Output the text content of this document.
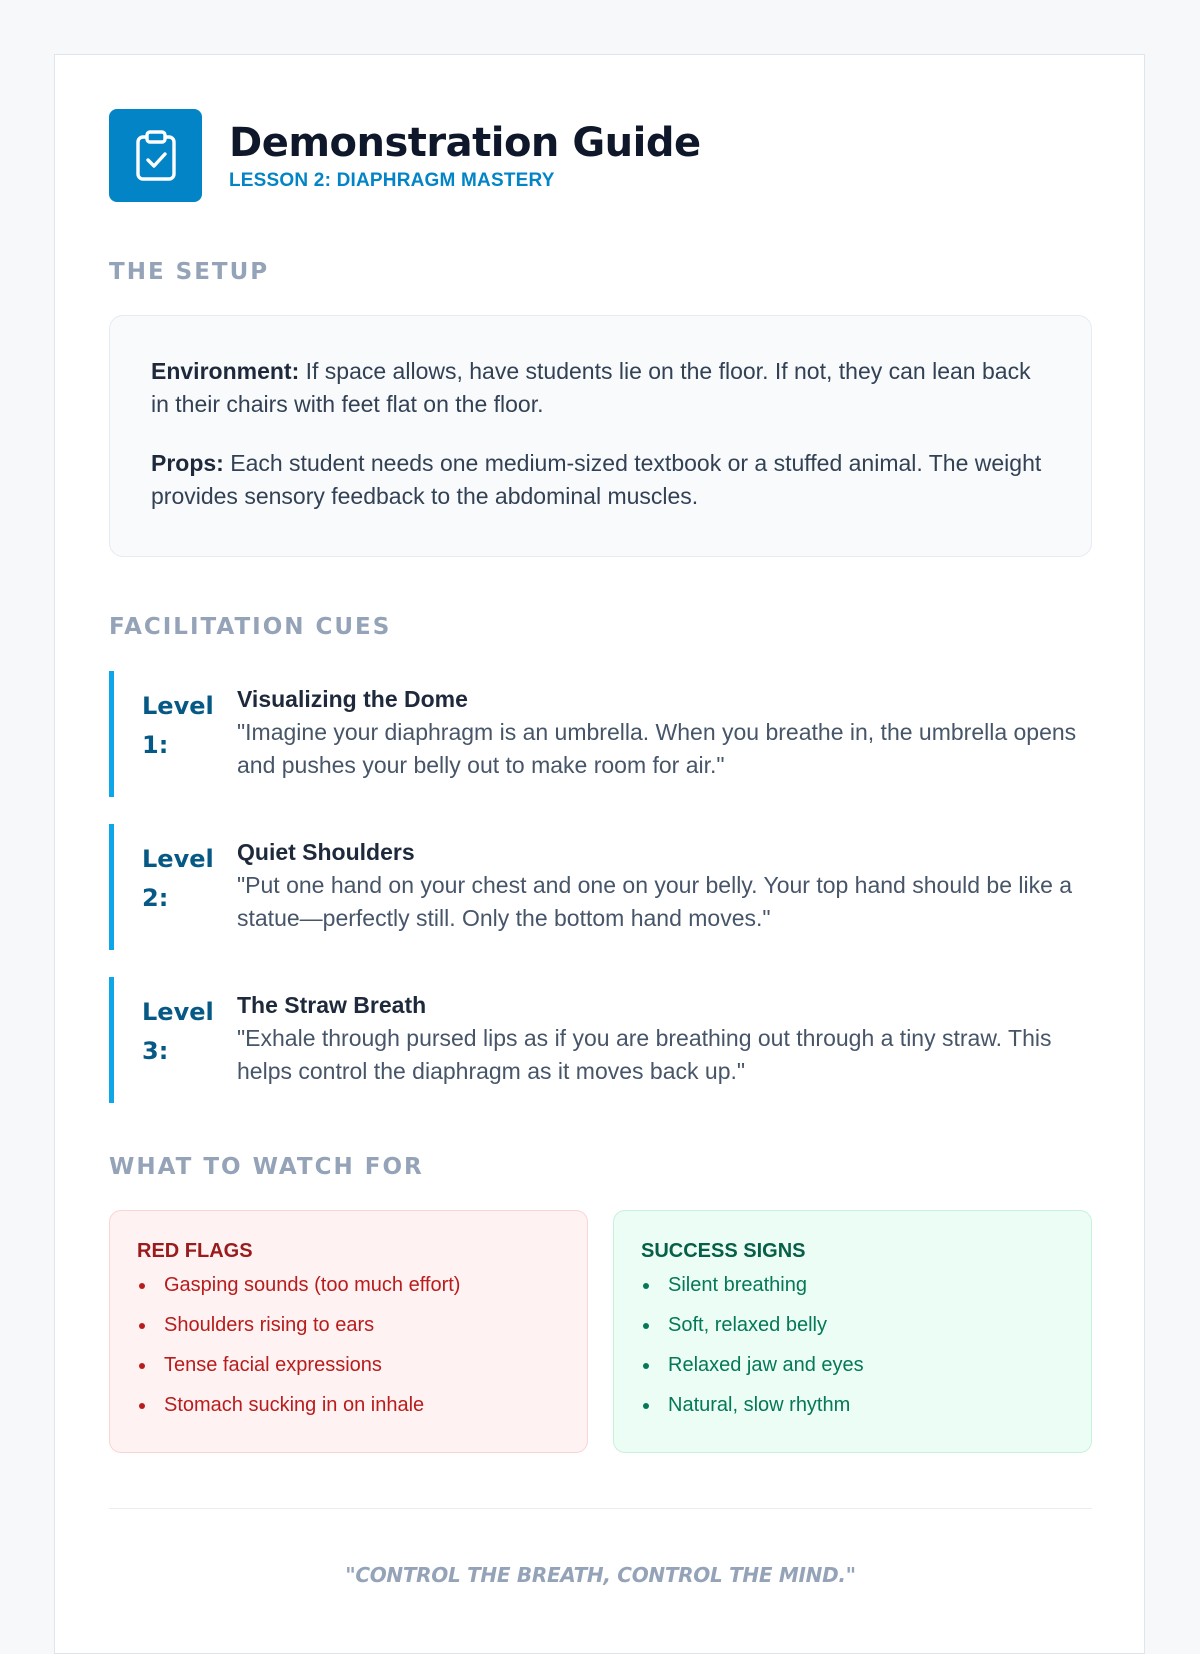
Demonstration Guide
LESSON 2: DIAPHRAGM MASTERY
THE SETUP

Environment: If space allows, have students lie on the floor. If not, they can lean back in their chairs with feet flat on the floor.

Props: Each student needs one medium-sized textbook or a stuffed animal. The weight provides sensory feedback to the abdominal muscles.

FACILITATION CUES
Level 1:
Visualizing the Dome
"Imagine your diaphragm is an umbrella. When you breathe in, the umbrella opens and pushes your belly out to make room for air."
Level 2:
Quiet Shoulders
"Put one hand on your chest and one on your belly. Your top hand should be like a statue—perfectly still. Only the bottom hand moves."
Level 3:
The Straw Breath
"Exhale through pursed lips as if you are breathing out through a tiny straw. This helps control the diaphragm as it moves back up."
WHAT TO WATCH FOR
RED FLAGS
Gasping sounds (too much effort)
Shoulders rising to ears
Tense facial expressions
Stomach sucking in on inhale
SUCCESS SIGNS
Silent breathing
Soft, relaxed belly
Relaxed jaw and eyes
Natural, slow rhythm
"CONTROL THE BREATH, CONTROL THE MIND."
